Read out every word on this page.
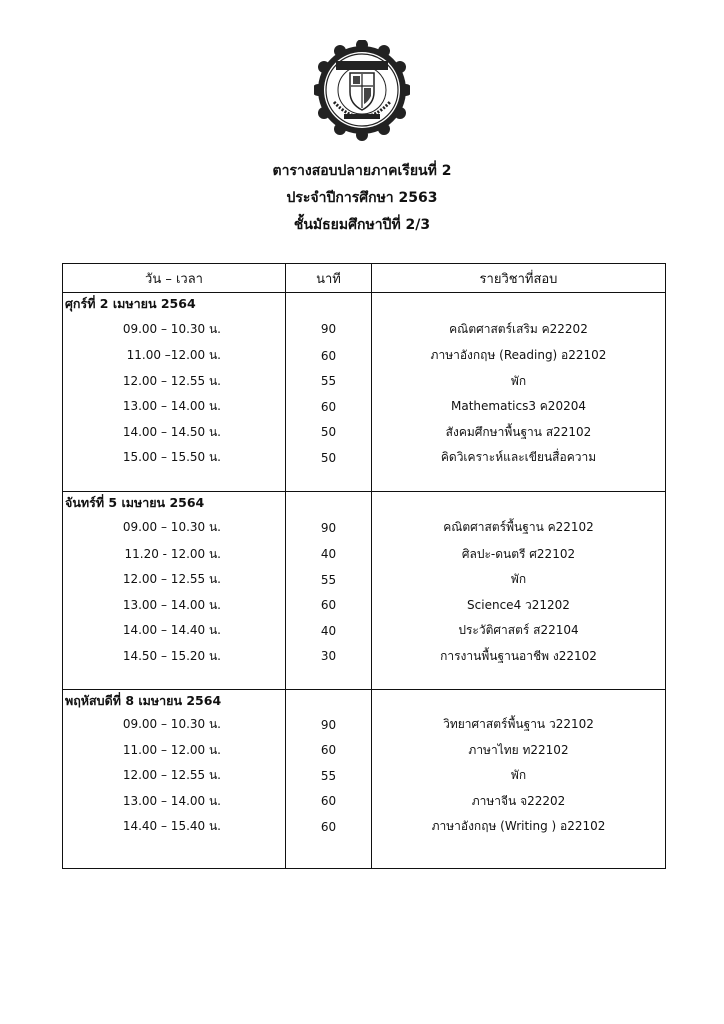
ตารางสอบปลายภาคเรียนที่ 2
ประจำปีการศึกษา 2563
ชั้นมัธยมศึกษาปีที่ 2/3
วัน – เวลา	นาที	รายวิชาที่สอบ
ศุกร์ที่ 2 เมษายน 2564		
09.00 – 10.30 น.	90	คณิตศาสตร์เสริม ค22202
11.00 –12.00 น.	60	ภาษาอังกฤษ (Reading) อ22102
12.00 – 12.55 น.	55	พัก
13.00 – 14.00 น.	60	Mathematics3 ค20204
14.00 – 14.50 น.	50	สังคมศึกษาพื้นฐาน ส22102
15.00 – 15.50 น.	50	คิดวิเคราะห์และเขียนสื่อความ

จันทร์ที่ 5 เมษายน 2564		
09.00 – 10.30 น.	90	คณิตศาสตร์พื้นฐาน ค22102
11.20 - 12.00 น.	40	ศิลปะ-ดนตรี ศ22102
12.00 – 12.55 น.	55	พัก
13.00 – 14.00 น.	60	Science4 ว21202
14.00 – 14.40 น.	40	ประวัติศาสตร์ ส22104
14.50 – 15.20 น.	30	การงานพื้นฐานอาชีพ ง22102

พฤหัสบดีที่ 8 เมษายน 2564		
09.00 – 10.30 น.	90	วิทยาศาสตร์พื้นฐาน ว22102
11.00 – 12.00 น.	60	ภาษาไทย ท22102
12.00 – 12.55 น.	55	พัก
13.00 – 14.00 น.	60	ภาษาจีน จ22202
14.40 – 15.40 น.	60	ภาษาอังกฤษ (Writing ) อ22102
